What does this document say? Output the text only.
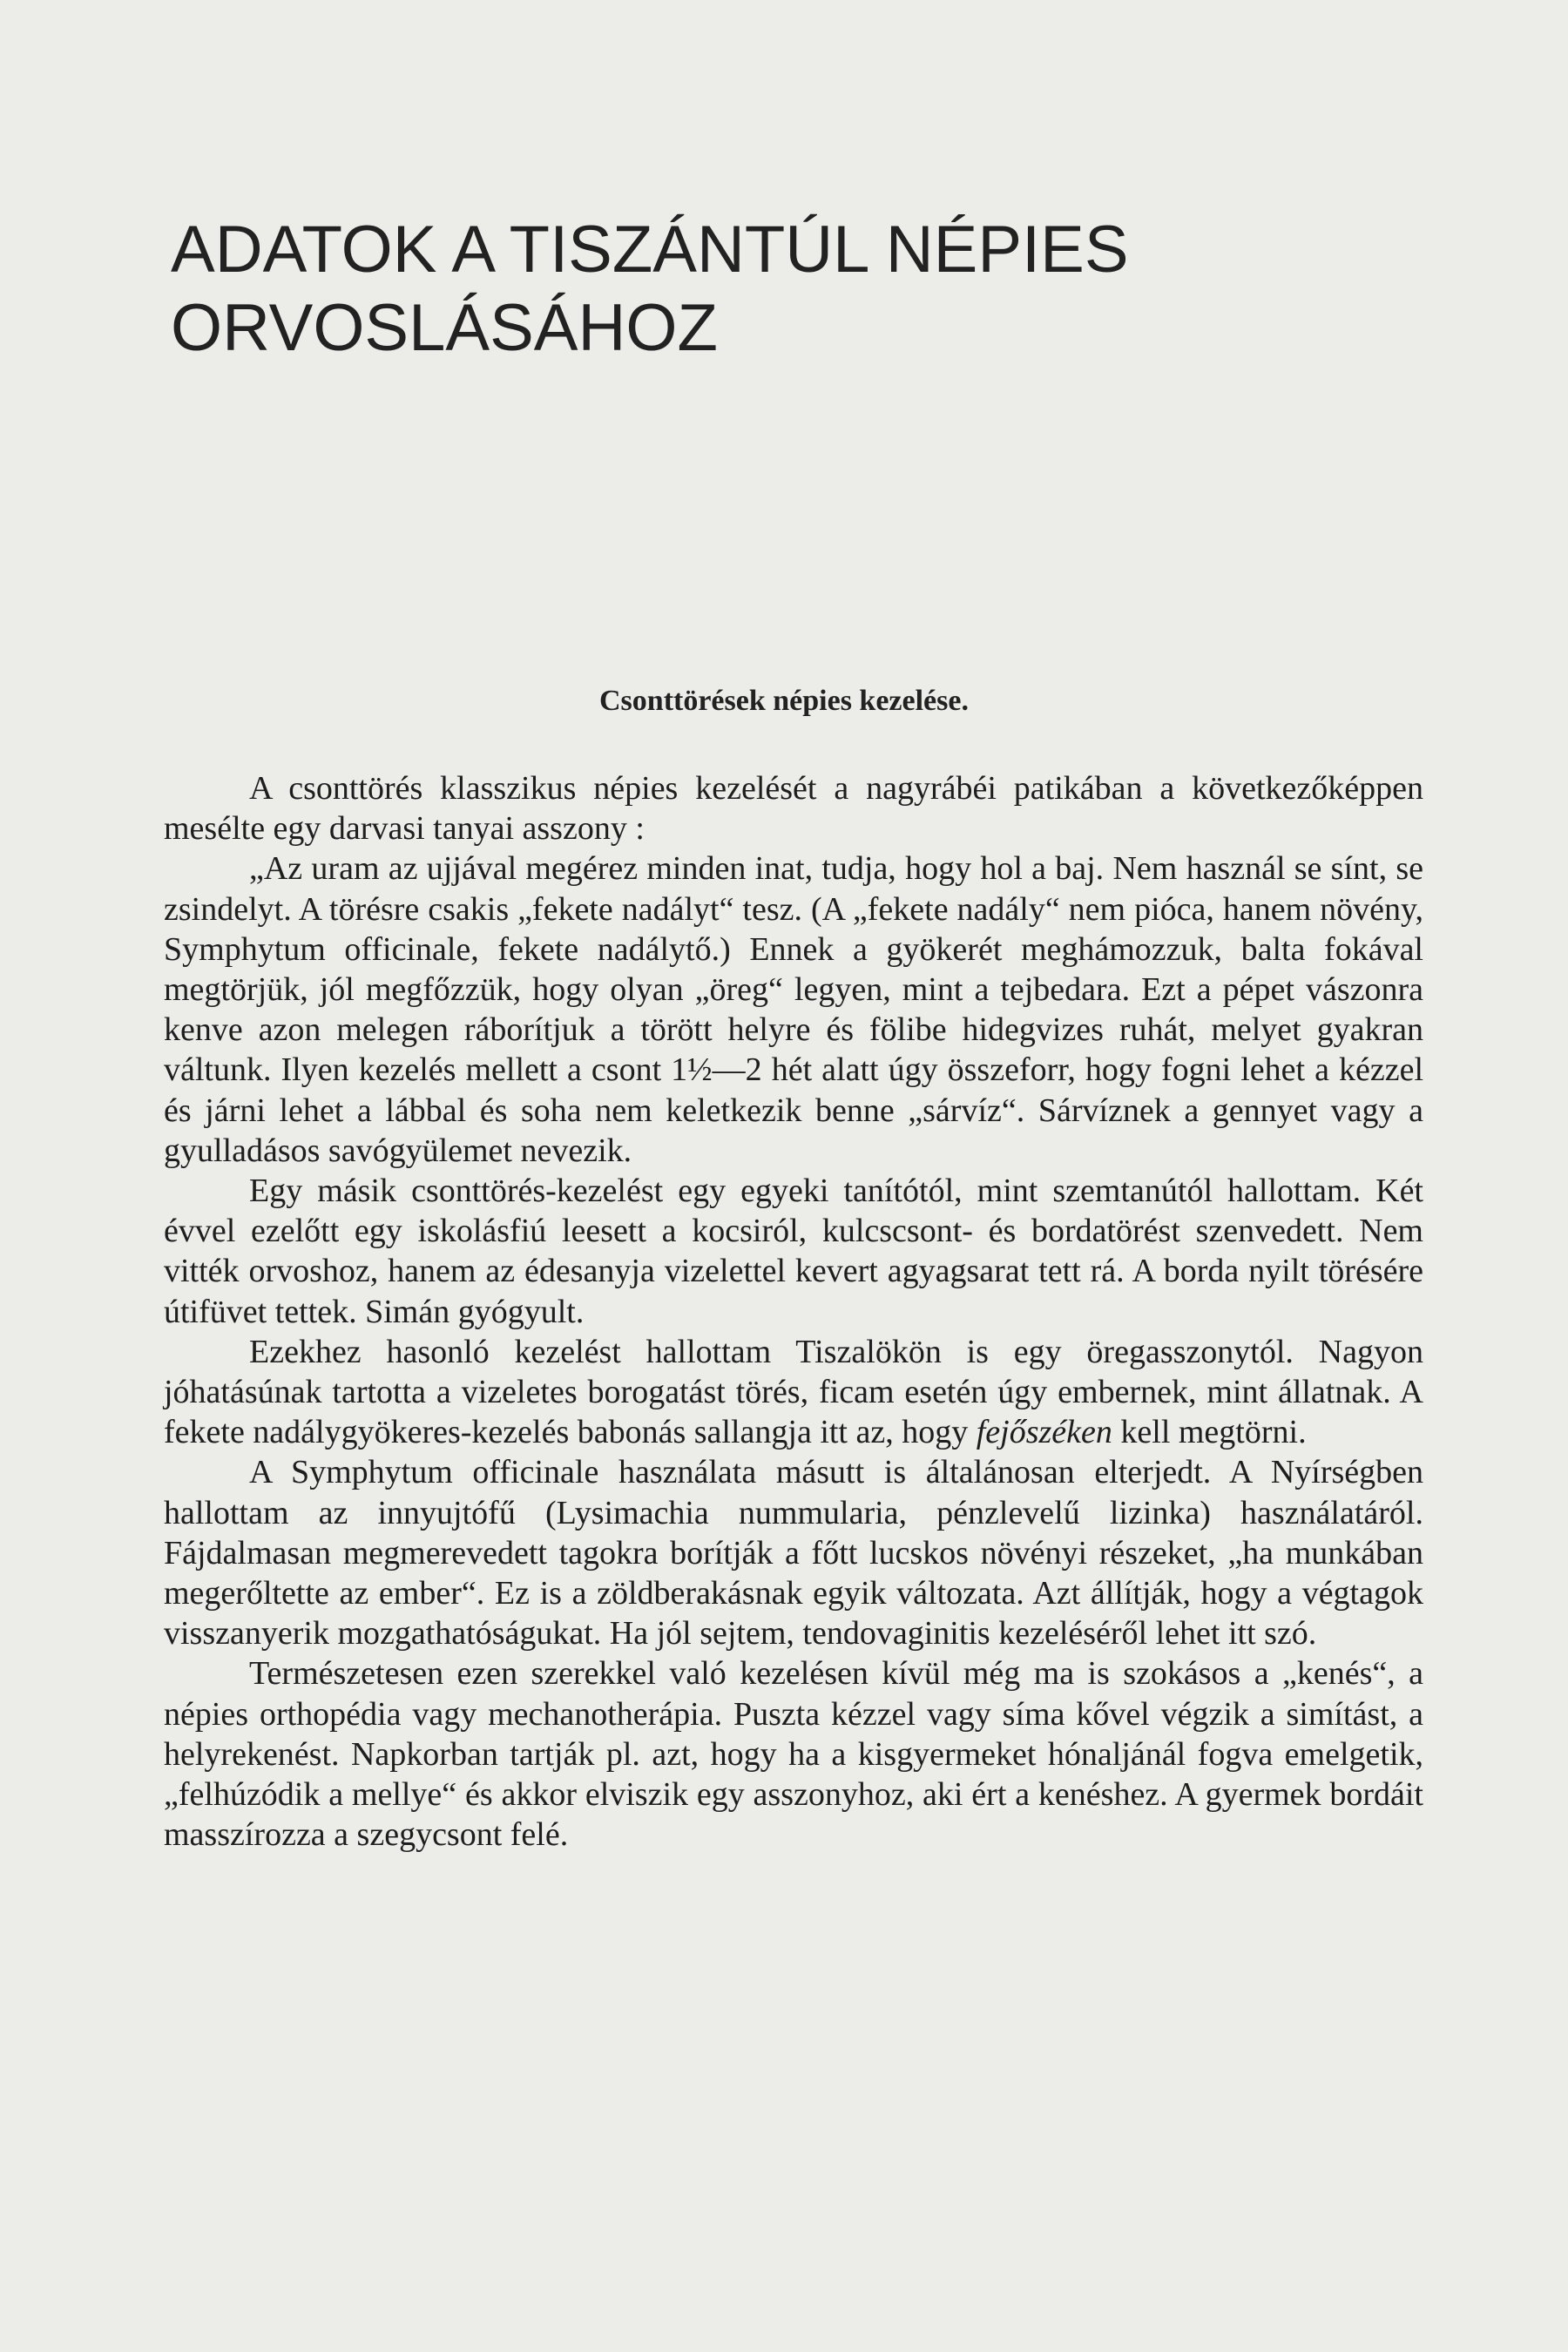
ADATOK A TISZÁNTÚL NÉPIES
ORVOSLÁSÁHOZ
Csonttörések népies kezelése.

A csonttörés klasszikus népies kezelését a nagyrábéi patikában a következőképpen mesélte egy darvasi tanyai asszony :

„Az uram az ujjával megérez minden inat, tudja, hogy hol a baj. Nem használ se sínt, se zsindelyt. A törésre csakis „fekete nadályt“ tesz. (A „fekete nadály“ nem pióca, hanem növény, Symphytum officinale, fekete nadálytő.) Ennek a gyökerét meghámozzuk, balta fokával megtörjük, jól megfőzzük, hogy olyan „öreg“ legyen, mint a tejbedara. Ezt a pépet vászonra kenve azon melegen ráborítjuk a törött helyre és fölibe hidegvizes ruhát, melyet gyakran váltunk. Ilyen kezelés mellett a csont 1½—2 hét alatt úgy összeforr, hogy fogni lehet a kézzel és járni lehet a lábbal és soha nem keletkezik benne „sárvíz“. Sárvíznek a gennyet vagy a gyulladásos savógyülemet nevezik.

Egy másik csonttörés-kezelést egy egyeki tanítótól, mint szemtanútól hallottam. Két évvel ezelőtt egy iskolásfiú leesett a kocsiról, kulcscsont- és bordatörést szenvedett. Nem vitték orvoshoz, hanem az édesanyja vizelettel kevert agyagsarat tett rá. A borda nyilt törésére útifüvet tettek. Simán gyógyult.

Ezekhez hasonló kezelést hallottam Tiszalökön is egy öregasszonytól. Nagyon jóhatásúnak tartotta a vizeletes borogatást törés, ficam esetén úgy embernek, mint állatnak. A fekete nadálygyökeres-kezelés babonás sallangja itt az, hogy fejőszéken kell megtörni.

A Symphytum officinale használata másutt is általánosan elterjedt. A Nyírségben hallottam az innyujtófű (Lysimachia nummularia, pénzlevelű lizinka) használatáról. Fájdalmasan megmerevedett tagokra borítják a főtt lucskos növényi részeket, „ha munkában megerőltette az ember“. Ez is a zöldberakásnak egyik változata. Azt állítják, hogy a végtagok visszanyerik mozgathatóságukat. Ha jól sejtem, tendovaginitis kezeléséről lehet itt szó.

Természetesen ezen szerekkel való kezelésen kívül még ma is szokásos a „kenés“, a népies orthopédia vagy mechanotherápia. Puszta kézzel vagy síma kővel végzik a simítást, a helyrekenést. Napkorban tartják pl. azt, hogy ha a kisgyermeket hónaljánál fogva emelgetik, „felhúzódik a mellye“ és akkor elviszik egy asszonyhoz, aki ért a kenéshez. A gyermek bordáit masszírozza a szegycsont felé.
